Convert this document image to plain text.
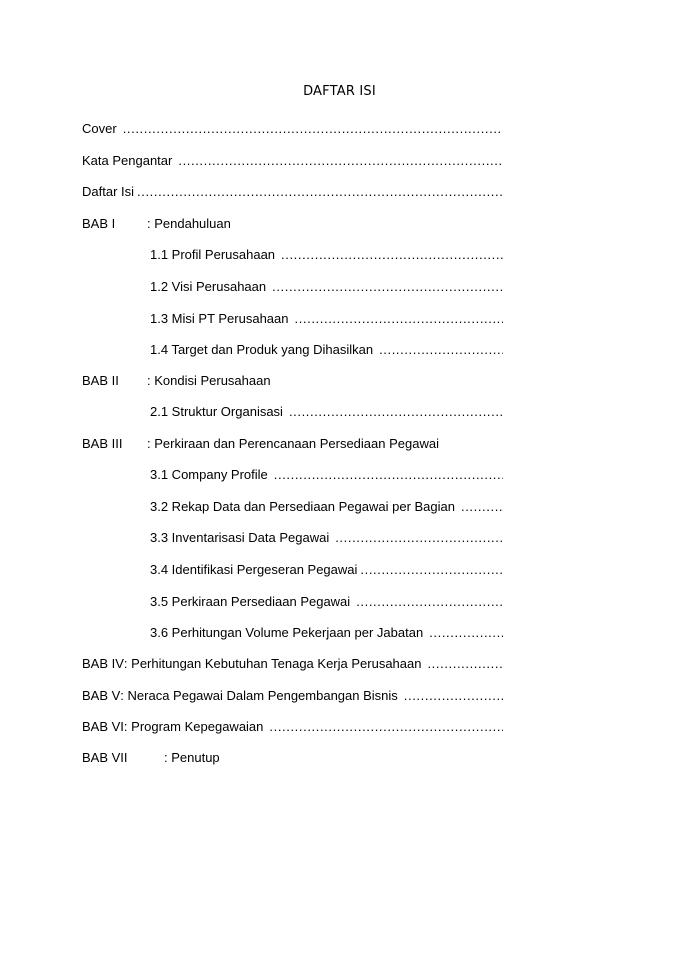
DAFTAR ISI
Cover
.....
Kata Pengantar
.....
Daftar Isi
.....
BAB I : Pendahuluan
1.1 Profil Perusahaan
.....
1.2 Visi Perusahaan
.....
1.3 Misi PT Perusahaan
.....
1.4 Target dan Produk yang Dihasilkan
.....
BAB II : Kondisi Perusahaan
2.1 Struktur Organisasi
.....
BAB III : Perkiraan dan Perencanaan Persediaan Pegawai
3.1 Company Profile
.....
3.2 Rekap Data dan Persediaan Pegawai per Bagian
.....
3.3 Inventarisasi Data Pegawai
.....
3.4 Identifikasi Pergeseran Pegawai
.....
3.5 Perkiraan Persediaan Pegawai
.....
3.6 Perhitungan Volume Pekerjaan per Jabatan
.....
BAB IV : Perhitungan Kebutuhan Tenaga Kerja Perusahaan
.....
BAB V : Neraca Pegawai Dalam Pengembangan Bisnis
.....
BAB VI : Program Kepegawaian
.....
BAB VII	: Penutup
